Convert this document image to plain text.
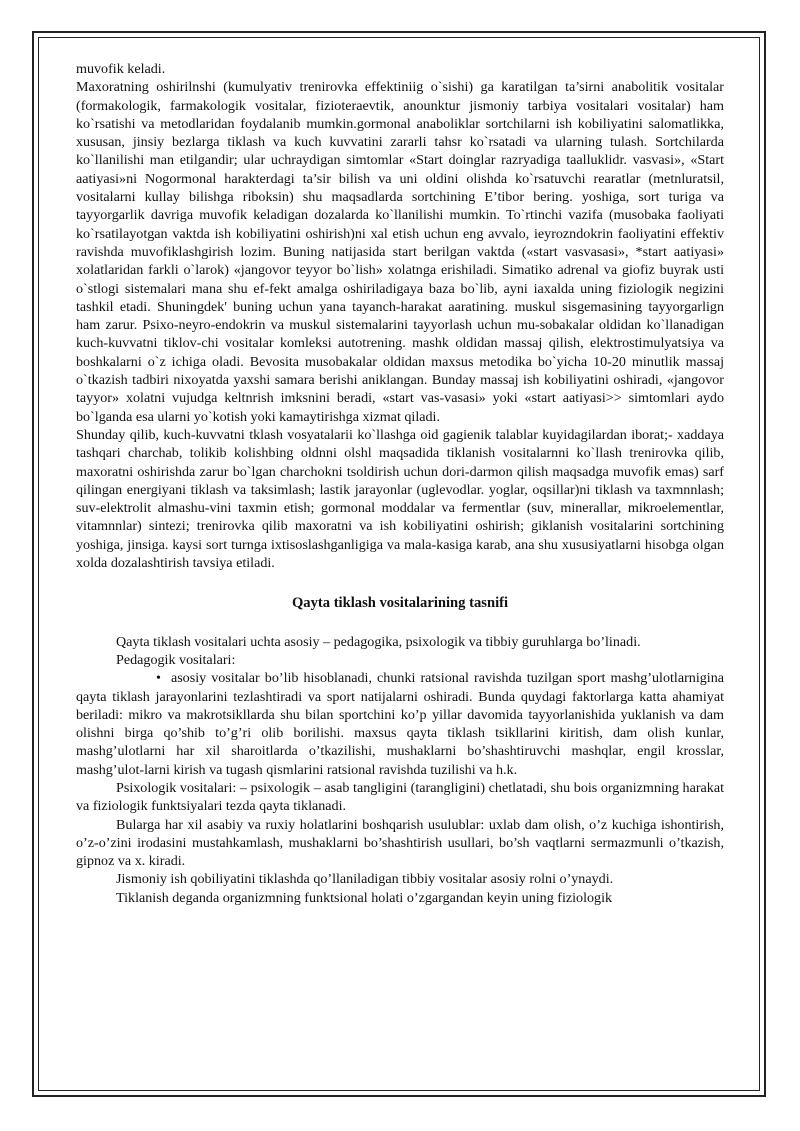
muvofik keladi.

Maxoratning oshirilnshi (kumulyativ trenirovka effektiniig o`sishi) ga karatilgan ta’sirni anabolitik vositalar (formakologik, farmakologik vositalar, fizioteraevtik, anounktur jismoniy tarbiya vositalari vositalar) ham ko`rsatishi va metodlaridan foydalanib mumkin.gormonal anaboliklar sortchilarni ish kobiliyatini salomatlikka, xususan, jinsiy bezlarga tiklash va kuch kuvvatini zararli tahsr ko`rsatadi va ularning tulash. Sortchilarda ko`llanilishi man etilgandir; ular uchraydigan simtomlar «Start doinglar razryadiga taalluklidr. vasvasi», «Start aatiyasi»ni Nogormonal harakterdagi ta’sir bilish va uni oldini olishda ko`rsatuvchi rearatlar (metnluratsil, vositalarni kullay bilishga riboksin) shu maqsadlarda sortchining E’tibor bering. yoshiga, sort turiga va tayyorgarlik davriga muvofik keladigan dozalarda ko`llanilishi mumkin. To`rtinchi vazifa (musobaka faoliyati ko`rsatilayotgan vaktda ish kobiliyatini oshirish)ni xal etish uchun eng avvalo, ieyrozndokrin faoliyatini effektiv ravishda muvofiklashgirish lozim. Buning natijasida start berilgan vaktda («start vasvasasi», *start aatiyasi» xolatlaridan farkli o`larok) «jangovor teyyor bo`lish» xolatnga erishiladi. Simatiko adrenal va giofiz buyrak usti o`stlogi sistemalari mana shu ef-fekt amalga oshiriladigaya baza bo`lib, ayni iaxalda uning fiziologik negizini tashkil etadi. Shuningdek' buning uchun yana tayanch-harakat aaratining. muskul sisgemasining tayyorgarlign ham zarur. Psixo-neyro-endokrin va muskul sistemalarini tayyorlash uchun mu-sobakalar oldidan ko`llanadigan kuch-kuvvatni tiklov-chi vositalar komleksi autotrening. mashk oldidan massaj qilish, elektrostimulyatsiya va boshkalarni o`z ichiga oladi. Bevosita musobakalar oldidan maxsus metodika bo`yicha 10-20 minutlik massaj o`tkazish tadbiri nixoyatda yaxshi samara berishi aniklangan. Bunday massaj ish kobiliyatini oshiradi, «jangovor tayyor» xolatni vujudga keltnrish imksnini beradi, «start vas-vasasi» yoki «start aatiyasi>> simtomlari aydo bo`lganda esa ularni yo`kotish yoki kamaytirishga xizmat qiladi.

Shunday qilib, kuch-kuvvatni tklash vosyatalarii ko`llashga oid gagienik talablar kuyidagilardan iborat;- xaddaya tashqari charchab, tolikib kolishbing oldnni olshl maqsadida tiklanish vositalarnni ko`llash trenirovka qilib, maxoratni oshirishda zarur bo`lgan charchokni tsoldirish uchun dori-darmon qilish maqsadga muvofik emas) sarf qilingan energiyani tiklash va taksimlash; lastik jarayonlar (uglevodlar. yoglar, oqsillar)ni tiklash va taxmnnlash; suv-elektrolit almashu-vini taxmin etish; gormonal moddalar va fermentlar (suv, minerallar, mikroelementlar, vitamnnlar) sintezi; trenirovka qilib maxoratni va ish kobiliyatini oshirish; giklanish vositalarini sortchining yoshiga, jinsiga. kaysi sort turnga ixtisoslashganligiga va mala-kasiga karab, ana shu xususiyatlarni hisobga olgan xolda dozalashtirish tavsiya etiladi.

Qayta tiklash vositalarining tasnifi

Qayta tiklash vositalari uchta asosiy – pedagogika, psixologik va tibbiy guruhlarga bo’linadi.

Pedagogik vositalari:

• asosiy vositalar bo’lib hisoblanadi, chunki ratsional ravishda tuzilgan sport mashg’ulotlarnigina qayta tiklash jarayonlarini tezlashtiradi va sport natijalarni oshiradi. Bunda quydagi faktorlarga katta ahamiyat beriladi: mikro va makrotsikllarda shu bilan sportchini ko’p yillar davomida tayyorlanishida yuklanish va dam olishni birga qo’shib to’g’ri olib borilishi. maxsus qayta tiklash tsikllarini kiritish, dam olish kunlar, mashg’ulotlarni har xil sharoitlarda o’tkazilishi, mushaklarni bo’shashtiruvchi mashqlar, engil krosslar, mashg’ulot-larni kirish va tugash qismlarini ratsional ravishda tuzilishi va h.k.

Psixologik vositalari: – psixologik – asab tangligini (tarangligini) chetlatadi, shu bois organizmning harakat va fiziologik funktsiyalari tezda qayta tiklanadi.

Bularga har xil asabiy va ruxiy holatlarini boshqarish usulublar: uxlab dam olish, o’z kuchiga ishontirish, o’z-o’zini irodasini mustahkamlash, mushaklarni bo’shashtirish usullari, bo’sh vaqtlarni sermazmunli o’tkazish, gipnoz va x. kiradi.

Jismoniy ish qobiliyatini tiklashda qo’llaniladigan tibbiy vositalar asosiy rolni o’ynaydi.

Tiklanish deganda organizmning funktsional holati o’zgargandan keyin uning fiziologik
